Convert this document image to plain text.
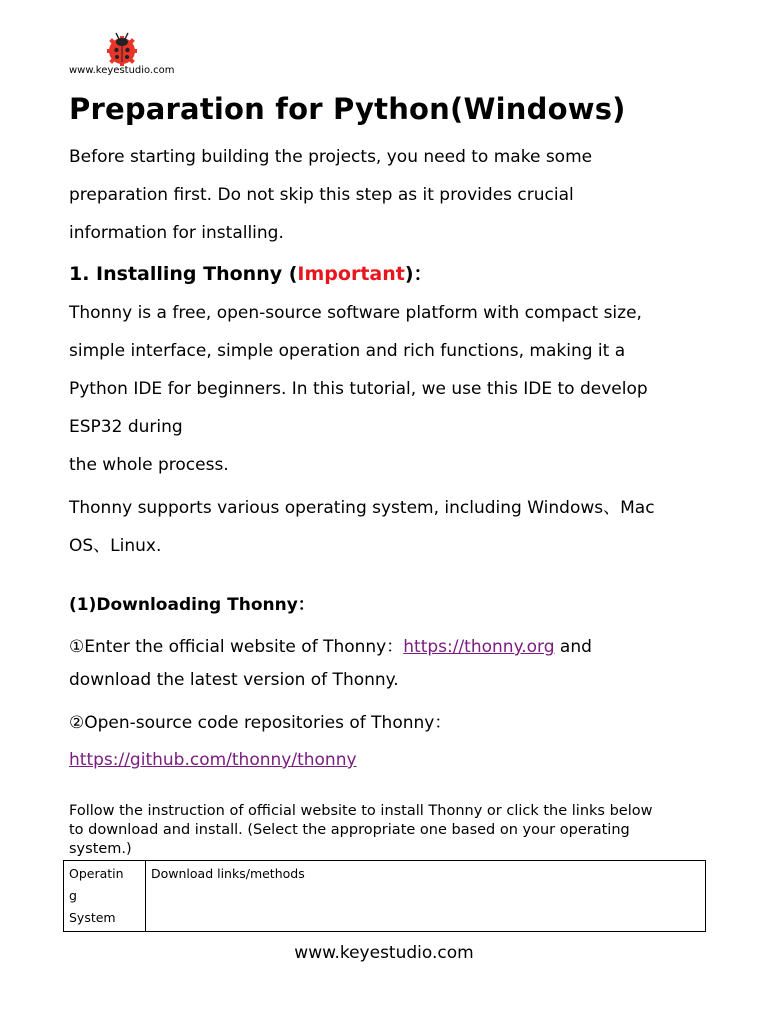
www.keyestudio.com
Preparation for Python(Windows)
Before starting building the projects, you need to make some
preparation first. Do not skip this step as it provides crucial
information for installing.
1. Installing Thonny (Important)：
Thonny is a free, open-source software platform with compact size,
simple interface, simple operation and rich functions, making it a
Python IDE for beginners. In this tutorial, we use this IDE to develop
ESP32 during
the whole process.
Thonny supports various operating system, including Windows、Mac
OS、Linux.
(1)Downloading Thonny：
①Enter the official website of Thonny：https://thonny.org and
download the latest version of Thonny.
②Open-source code repositories of Thonny：
https://github.com/thonny/thonny
Follow the instruction of official website to install Thonny or click the links below
to download and install. (Select the appropriate one based on your operating
system.)
Operatin
g
System
	Download links/methods
www.keyestudio.com
